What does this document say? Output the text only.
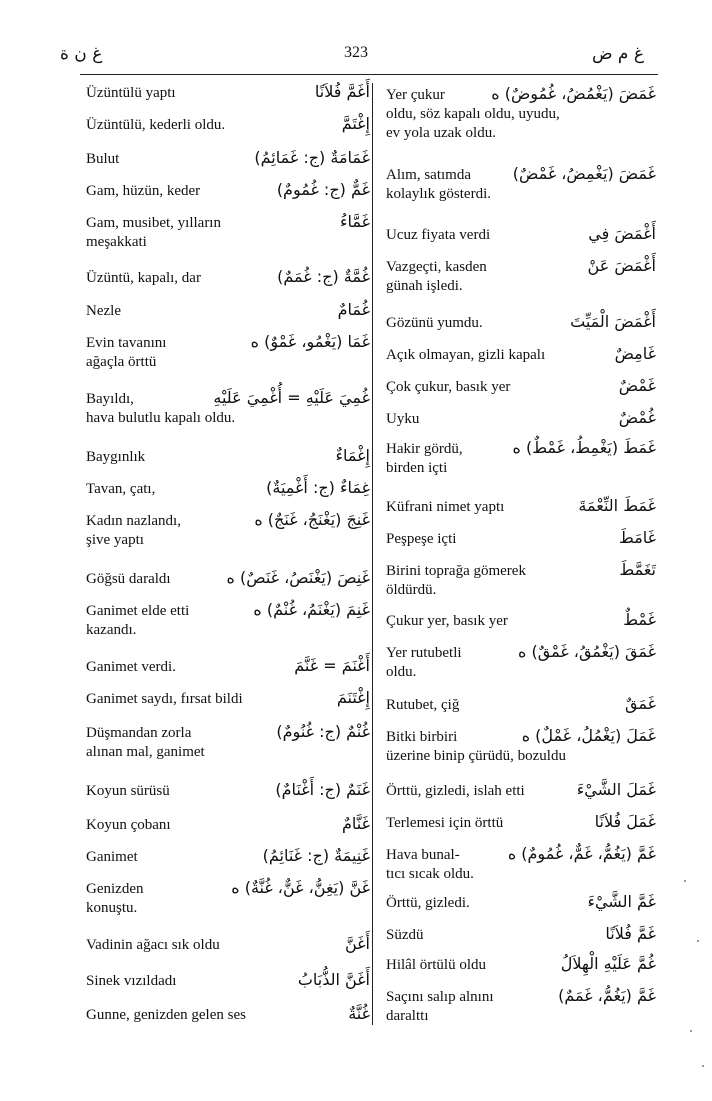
غ ن ة	323	غ م ض
Üzüntülü yaptı	أَغَمَّ فُلاَنًا
Üzüntülü, kederli oldu.	إِغْتَمَّ
Bulut	غَمَامَةٌ (ج: غَمَائِمُ)
Gam, hüzün, keder	غَمٌّ (ج: غُمُومٌ)
Gam, musibet, yılların	غَمَّاءُ
meşakkati
Üzüntü, kapalı, dar	غُمَّةٌ (ج: غُمَمٌ)
Nezle	غُمَامٌ
Evin tavanını	غَمَا (يَغْمُو، غَمْوٌ) ه
ağaçla örttü
Bayıldı,	غُمِيَ عَلَيْهِ = أُغْمِيَ عَلَيْهِ
hava bulutlu kapalı oldu.
Baygınlık	إِغْمَاءٌ
Tavan, çatı,	غِمَاءٌ (ج: أَغْمِيَةٌ)
Kadın nazlandı,	غَنِجَ (يَغْنَجُ، غَنَجٌ) ه
şive yaptı
Göğsü daraldı	غَنِصَ (يَغْنَصُ، غَنَصٌ) ه
Ganimet elde etti	غَنِمَ (يَغْنَمُ، غُنْمٌ) ه
kazandı.
Ganimet verdi.	أَغْنَمَ = غَنَّمَ
Ganimet saydı, fırsat bildi	إِغْتَنَمَ
Düşmandan zorla	غُنْمٌ (ج: غُنُومٌ)
alınan mal, ganimet
Koyun sürüsü	غَنَمٌ (ج: أَغْنَامٌ)
Koyun çobanı	غَنَّامٌ
Ganimet	غَنِيمَةٌ (ج: غَنَائِمُ)
Genizden	غَنَّ (يَغِنُّ، غَنٌّ، غُنَّةٌ) ه
konuştu.
Vadinin ağacı sık oldu	أَغَنَّ
Sinek vızıldadı	أَغَنَّ الذُّبَابُ
Gunne, genizden gelen ses	غُنَّةٌ
Yer çukur	غَمَضَ (يَغْمُضُ، غُمُوضٌ) ه
oldu, söz kapalı oldu, uyudu,
ev yola uzak oldu.
Alım, satımda	غَمَضَ (يَغْمِضُ، غَمْضٌ)
kolaylık gösterdi.
Ucuz fiyata verdi	أَغْمَضَ فِي
Vazgeçti, kasden	أَغْمَضَ عَنْ
günah işledi.
Gözünü yumdu.	أَغْمَضَ الْمَيِّتَ
Açık olmayan, gizli kapalı	غَامِضٌ
Çok çukur, basık yer	غَمْضٌ
Uyku	غُمْضٌ
Hakir gördü,	غَمَطَ (يَغْمِطُ، غَمْطٌ) ه
birden içti
Küfrani nimet yaptı	غَمَطَ النِّعْمَةَ
Peşpeşe içti	غَامَطَ
Birini toprağa gömerek	تَغَمَّطَ
öldürdü.
Çukur yer, basık yer	غَمْطٌ
Yer rutubetli	غَمَقَ (يَغْمُقُ، غَمْقٌ) ه
oldu.
Rutubet, çiğ	غَمَقٌ
Bitki birbiri	غَمَلَ (يَغْمُلُ، غَمْلٌ) ه
üzerine binip çürüdü, bozuldu
Örttü, gizledi, islah etti	غَمَلَ الشَّيْءَ
Terlemesi için örttü	غَمَلَ فُلاَنًا
Hava bunal-	غَمَّ (يَغُمُّ، غَمٌّ، غُمُومٌ) ه
tıcı sıcak oldu.
Örttü, gizledi.	غَمَّ الشَّيْءَ
Süzdü	غَمَّ فُلاَنًا
Hilâl örtülü oldu	غُمَّ عَلَيْهِ الْهِلاَلُ
Saçını salıp alnını	غَمَّ (يَغُمُّ، غَمَمٌ)
daralttı
